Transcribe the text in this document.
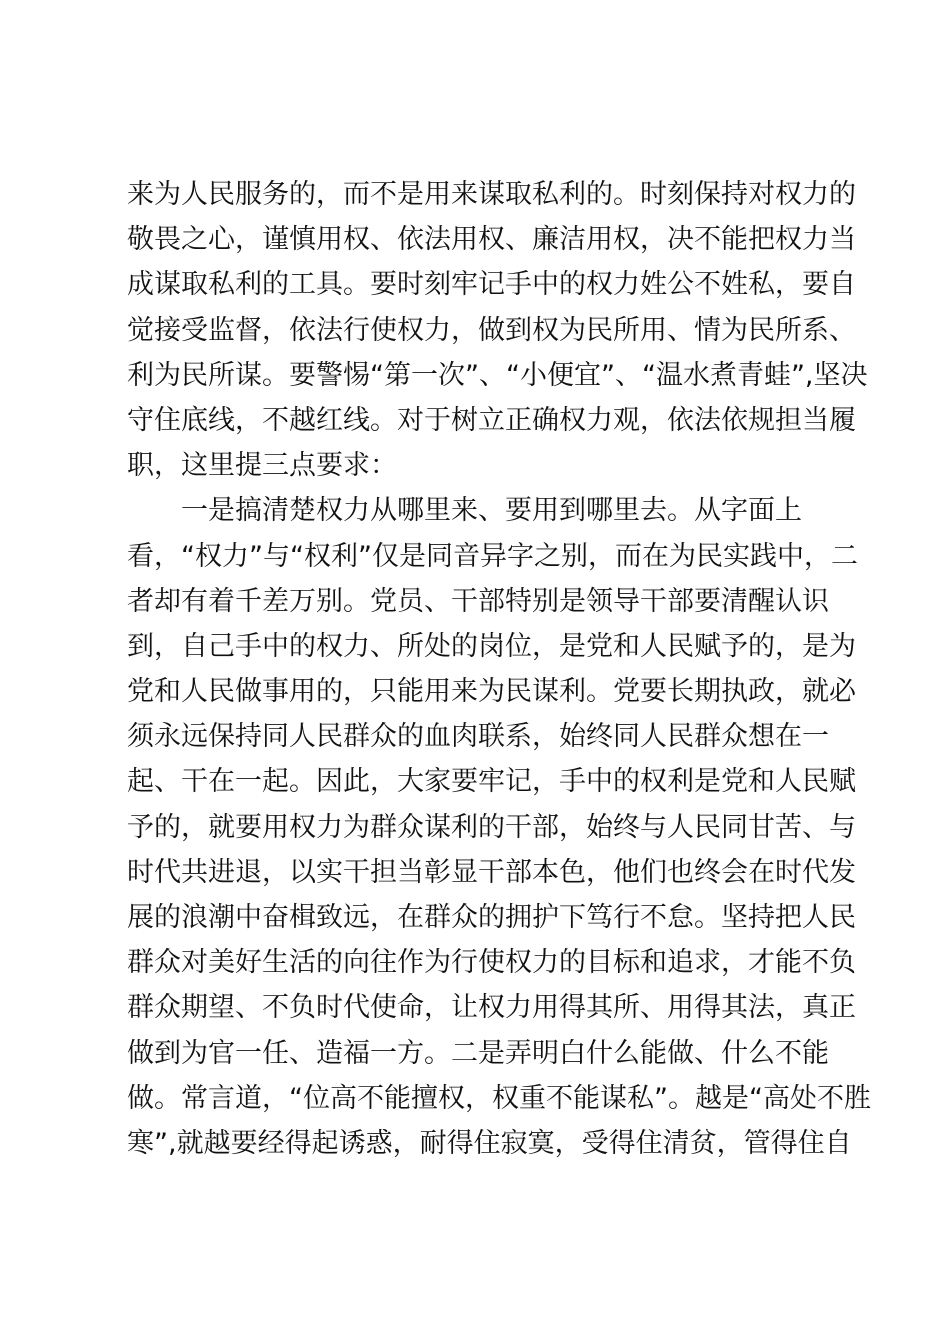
来为人民服务的，而不是用来谋取私利的。时刻保持对权力的
敬畏之心，谨慎用权、依法用权、廉洁用权，决不能把权力当
成谋取私利的工具。要时刻牢记手中的权力姓公不姓私，要自
觉接受监督，依法行使权力，做到权为民所用、情为民所系、
利为民所谋。要警惕“第一次”、“小便宜”、“温水煮青蛙”,坚决
守住底线，不越红线。对于树立正确权力观，依法依规担当履
职，这里提三点要求：
　　一是搞清楚权力从哪里来、要用到哪里去。从字面上
看，“权力”与“权利”仅是同音异字之别，而在为民实践中，二
者却有着千差万别。党员、干部特别是领导干部要清醒认识
到，自己手中的权力、所处的岗位，是党和人民赋予的，是为
党和人民做事用的，只能用来为民谋利。党要长期执政，就必
须永远保持同人民群众的血肉联系，始终同人民群众想在一
起、干在一起。因此，大家要牢记，手中的权利是党和人民赋
予的，就要用权力为群众谋利的干部，始终与人民同甘苦、与
时代共进退，以实干担当彰显干部本色，他们也终会在时代发
展的浪潮中奋楫致远，在群众的拥护下笃行不怠。坚持把人民
群众对美好生活的向往作为行使权力的目标和追求，才能不负
群众期望、不负时代使命，让权力用得其所、用得其法，真正
做到为官一任、造福一方。二是弄明白什么能做、什么不能
做。常言道，“位高不能擅权，权重不能谋私”。越是“高处不胜
寒”,就越要经得起诱惑，耐得住寂寞，受得住清贫，管得住自
